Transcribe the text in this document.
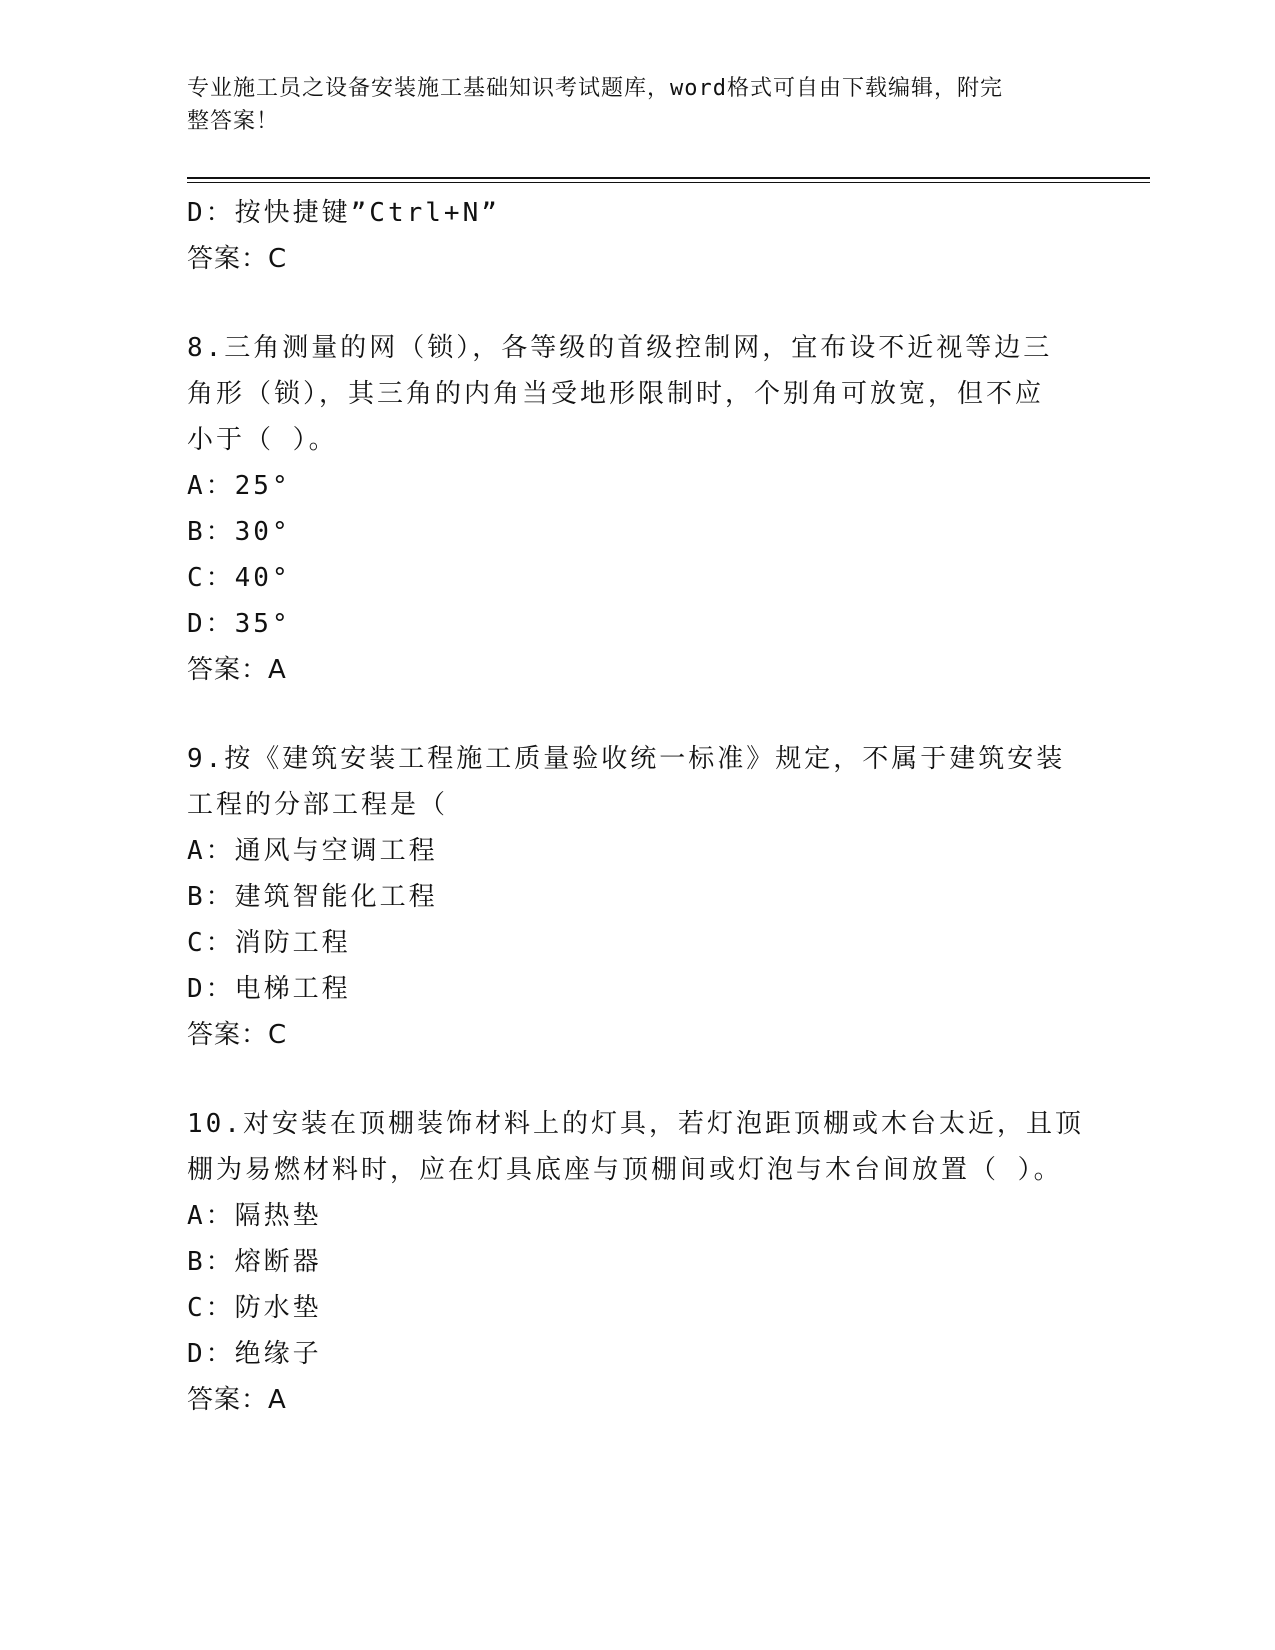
专业施工员之设备安装施工基础知识考试题库，word格式可自由下载编辑，附完
整答案！
D：按快捷键”Ctrl+N”
答案：C
8.三角测量的网（锁），各等级的首级控制网，宜布设不近视等边三
角形（锁），其三角的内角当受地形限制时，个别角可放宽，但不应
小于（ ）。
A：25°
B：30°
C：40°
D：35°
答案：A
9.按《建筑安装工程施工质量验收统一标准》规定，不属于建筑安装
工程的分部工程是（
A：通风与空调工程
B：建筑智能化工程
C：消防工程
D：电梯工程
答案：C
10.对安装在顶棚装饰材料上的灯具，若灯泡距顶棚或木台太近，且顶
棚为易燃材料时，应在灯具底座与顶棚间或灯泡与木台间放置（ ）。
A：隔热垫
B：熔断器
C：防水垫
D：绝缘子
答案：A
